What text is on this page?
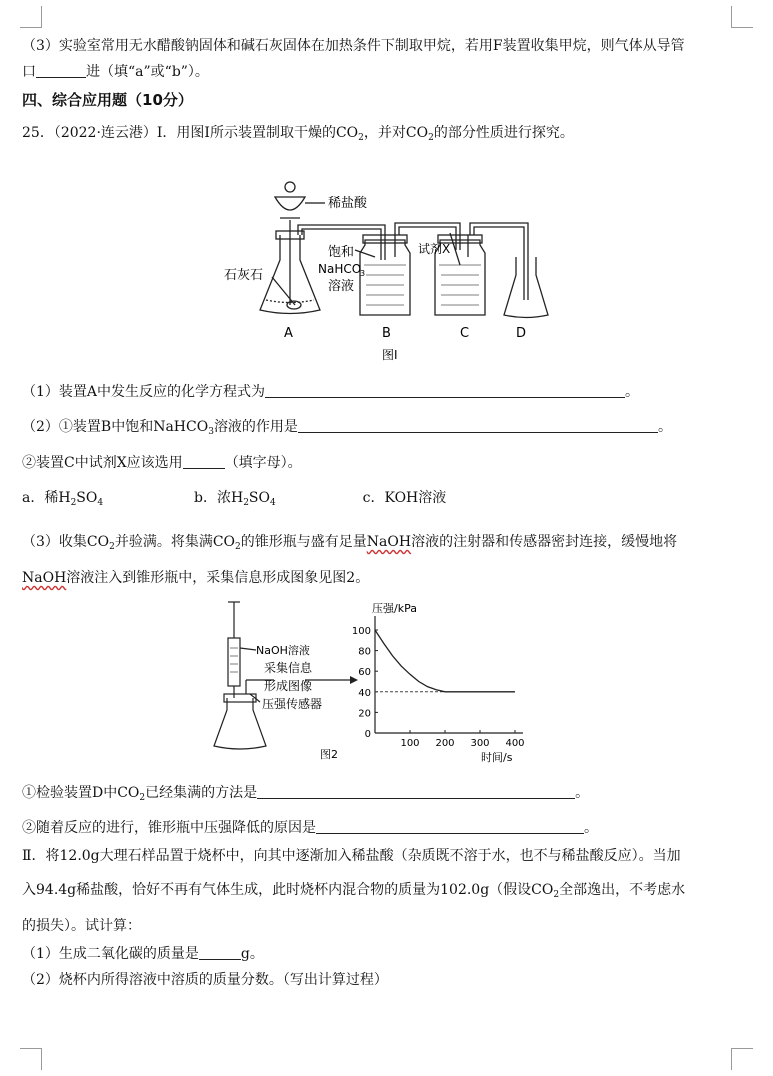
（3）实验室常用无水醋酸钠固体和碱石灰固体在加热条件下制取甲烷，若用F装置收集甲烷，则气体从导管
口	进（填“a”或“b”）。
四、综合应用题（10分）
25．（2022·连云港）Ⅰ．用图Ⅰ所示装置制取干燥的$CO_2$，并对$CO_2$的部分性质进行探究。
稀盐酸
石灰石
饱和
NaHCO
3
溶液
试剂X
A	B	C	D
图Ⅰ
（1）装置A中发生反应的化学方程式为	。
（2）①装置B中饱和NaHCO$_3$溶液的作用是	。
②装置C中试剂X应该选用	（填字母）。
a．稀$H_2SO_4$	b．浓$H_2SO_4$	c．KOH溶液
（3）收集$CO_2$并验满。将集满$CO_2$的锥形瓶与盛有足量NaOH溶液的注射器和传感器密封连接，缓慢地将
NaOH溶液注入到锥形瓶中，采集信息形成图象见图2。
NaOH溶液
采集信息
形成图像
压强传感器
图2
压强/kPa
时间/s
0
20
40
60
80
100
100 200 300 400
①检验装置D中$CO_2$已经集满的方法是	。
②随着反应的进行，锥形瓶中压强降低的原因是	。
Ⅱ．将12.0g大理石样品置于烧杯中，向其中逐渐加入稀盐酸（杂质既不溶于水，也不与稀盐酸反应）。当加
入94.4g稀盐酸，恰好不再有气体生成，此时烧杯内混合物的质量为102.0g（假设$CO_2$全部逸出，不考虑水
的损失）。试计算：
（1）生成二氧化碳的质量是	g。
（2）烧杯内所得溶液中溶质的质量分数。（写出计算过程）
